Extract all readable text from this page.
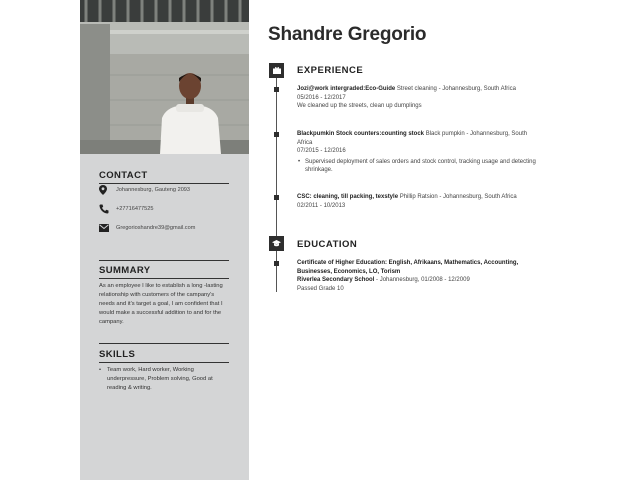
CONTACT
Johannesburg, Gauteng 2093
+27716477525
Gregorioshandre39@gmail.com
SUMMARY
As an employee I like to establish a long -lasting relationship with customers of the campany's needs and it's target a goal, I am confident that I would make a successful addition to and for the campany.
SKILLS
• Team work, Hard worker, Working underpressure, Problem solving, Good at reading & writing.
Shandre Gregorio
EXPERIENCE
Jozi@work intergraded:Eco-Guide Street cleaning - Johannesburg, South Africa
05/2016 - 12/2017
We cleaned up the streets, clean up dumplings
Blackpumkin Stock counters:counting stock Black pumpkin - Johannesburg, South Africa
07/2015 - 12/2016
• Supervised deployment of sales orders and stock control, tracking usage and detecting shrinkage.
CSC: cleaning, till packing, texstyle Phillip Ratsion - Johannesburg, South Africa
02/2011 - 10/2013
EDUCATION
Certificate of Higher Education: English, Afrikaans, Mathematics, Accounting, Businesses, Economics, LO, Torism
Riverlea Secondary School - Johannesburg, 01/2008 - 12/2009
Passed Grade 10
